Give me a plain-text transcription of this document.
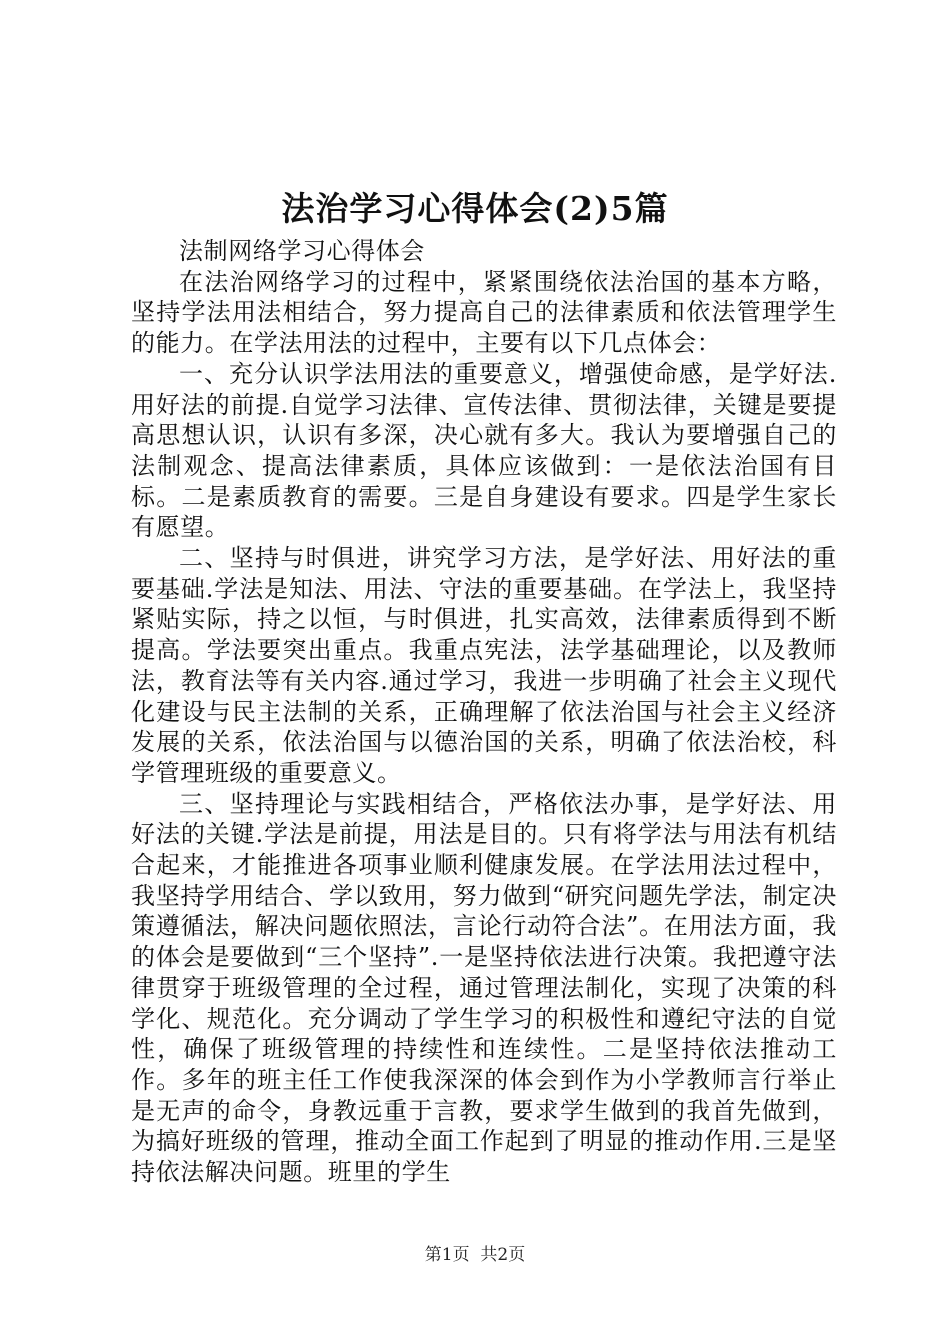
法治学习心得体会(2)5篇

法制网络学习心得体会

在法治网络学习的过程中，紧紧围绕依法治国的基本方略，坚持学法用法相结合，努力提高自己的法律素质和依法管理学生的能力。在学法用法的过程中，主要有以下几点体会：

一、充分认识学法用法的重要意义，增强使命感，是学好法.用好法的前提.自觉学习法律、宣传法律、贯彻法律，关键是要提高思想认识，认识有多深，决心就有多大。我认为要增强自己的法制观念、提高法律素质，具体应该做到：一是依法治国有目标。二是素质教育的需要。三是自身建设有要求。四是学生家长有愿望。

二、坚持与时俱进，讲究学习方法，是学好法、用好法的重要基础.学法是知法、用法、守法的重要基础。在学法上，我坚持紧贴实际，持之以恒，与时俱进，扎实高效，法律素质得到不断提高。学法要突出重点。我重点宪法，法学基础理论，以及教师法，教育法等有关内容.通过学习，我进一步明确了社会主义现代化建设与民主法制的关系，正确理解了依法治国与社会主义经济发展的关系，依法治国与以德治国的关系，明确了依法治校，科学管理班级的重要意义。

三、坚持理论与实践相结合，严格依法办事，是学好法、用好法的关键.学法是前提，用法是目的。只有将学法与用法有机结合起来，才能推进各项事业顺利健康发展。在学法用法过程中，我坚持学用结合、学以致用，努力做到“研究问题先学法，制定决策遵循法，解决问题依照法，言论行动符合法”。在用法方面，我的体会是要做到“三个坚持”.一是坚持依法进行决策。我把遵守法律贯穿于班级管理的全过程，通过管理法制化，实现了决策的科学化、规范化。充分调动了学生学习的积极性和遵纪守法的自觉性，确保了班级管理的持续性和连续性。二是坚持依法推动工作。多年的班主任工作使我深深的体会到作为小学教师言行举止是无声的命令，身教远重于言教，要求学生做到的我首先做到，为搞好班级的管理，推动全面工作起到了明显的推动作用.三是坚持依法解决问题。班里的学生

第1页 共2页
